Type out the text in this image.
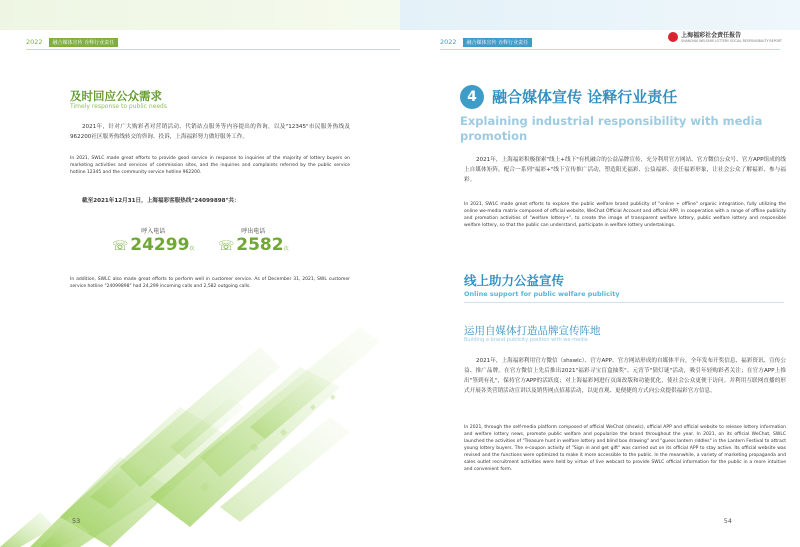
2022	融合媒体宣传 诠释行业责任
及时回应公众需求
Timely response to public needs
2021年，针对广大购彩者对营销活动、代销站点服务等内容提出的咨询，以及"12345"市民服务热线及962200社区服务热线转交的咨询、投诉，上海福彩努力做好服务工作。
In 2021, SWLC made great efforts to provide good service in response to inquiries of the majority of lottery buyers on marketing activities and services of commission sites, and the inquiries and complaints referred by the public service hotline 12345 and the community service hotline 962200.
截至2021年12月31日，上海福彩客服热线"24099898"共：
呼入电话
☏ 24299次
呼出电话
☏ 2582次
In addition, SWLC also made great efforts to perform well in customer service. As of December 31, 2021, SWL customer service hotline "24099898" had 24,299 incoming calls and 2,582 outgoing calls.
53
2022	融合媒体宣传 诠释行业责任
上海福彩社会责任报告
SHANGHAI WELFARE LOTTERY SOCIAL RESPONSIBILITY REPORT
4	融合媒体宣传 诠释行业责任
Explaining industrial responsibility with media promotion
2021年，上海福彩积极探索"线上+线下"有机融合的公益品牌宣传，充分利用官方网站、官方微信公众号、官方APP组成的线上自媒体矩阵，配合一系列"福彩+"线下宣传推广活动，塑造阳光福彩、公益福彩、责任福彩形象，让社会公众了解福彩、参与福彩。
In 2021, SWLC made great efforts to explore the public welfare brand publicity of "online + offline" organic integration, fully utilizing the online we-media matrix composed of official website, WeChat Official Account and official APP, in cooperation with a range of offline publicity and promotion activities of "welfare lottery+", to create the image of transparent welfare lottery, public welfare lottery and responsible welfare lottery, so that the public can understand, participate in welfare lottery undertakings.
线上助力公益宣传
Online support for public welfare publicity
运用自媒体打造品牌宣传阵地
Building a brand publicity position with we-media
2021年，上海福彩利用官方微信（shswlc）、官方APP、官方网站形成的自媒体平台，全年发布开奖信息、福彩资讯、宣传公益、推广品牌。在官方微信上先后推出2021"福彩寻宝盲盒抽奖"、元宵节"猜灯谜"活动，吸引年轻购彩者关注；在官方APP上推出"签到有礼"，保持官方APP的活跃度；对上海福彩网进行页面改版和功能优化，使社会公众更便于访问。并利用互联网直播的形式开展各类营销活动宣讲以及销售网点招募活动，以更直观、更便捷的方式向公众提供福彩官方信息。
In 2021, through the self-media platform composed of official WeChat (shswlc), official APP and official website to release lottery information and welfare lottery news, promote public welfare and popularize the brand throughout the year. In 2021, on its official WeChat, SWLC launched the activities of "Treasure hunt in welfare lottery and blind box drawing" and "guess lantern riddles" in the Lantern Festival to attract young lottery buyers. The e-coupon activity of "Sign in and get gift" was carried out on its official APP to stay active. Its official website was revised and the functions were optimized to make it more accessible to the public. In the meanwhile, a variety of marketing propaganda and sales outlet recruitment activities were held by virtue of live webcast to provide SWLC official information for the public in a more intuitive and convenient form.
54
